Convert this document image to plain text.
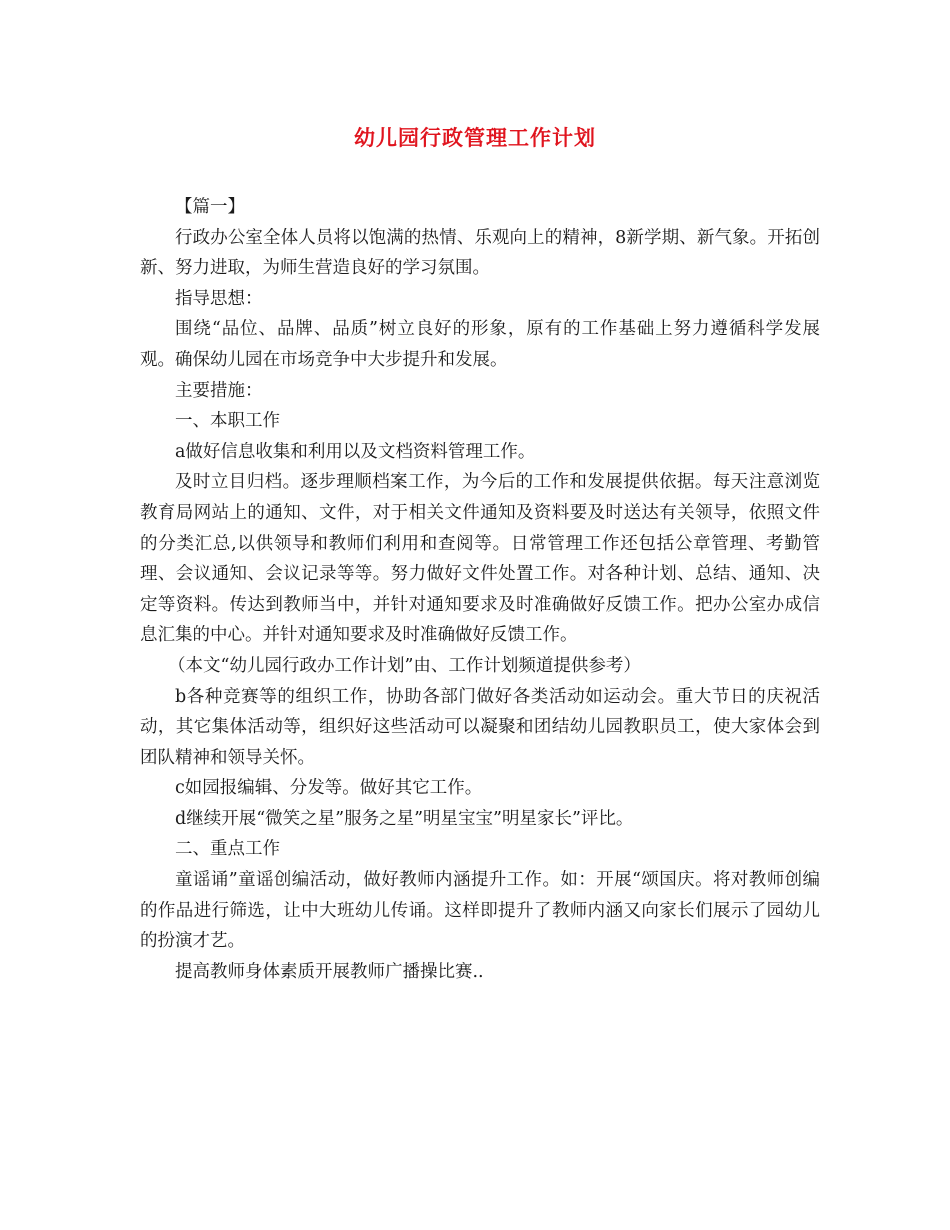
幼儿园行政管理工作计划

【篇一】

行政办公室全体人员将以饱满的热情、乐观向上的精神，8新学期、新气象。开拓创新、努力进取，为师生营造良好的学习氛围。

指导思想：

围绕“品位、品牌、品质”树立良好的形象，原有的工作基础上努力遵循科学发展观。确保幼儿园在市场竞争中大步提升和发展。

主要措施：

一、本职工作

a做好信息收集和利用以及文档资料管理工作。

及时立目归档。逐步理顺档案工作，为今后的工作和发展提供依据。每天注意浏览教育局网站上的通知、文件，对于相关文件通知及资料要及时送达有关领导，依照文件的分类汇总,以供领导和教师们利用和查阅等。日常管理工作还包括公章管理、考勤管理、会议通知、会议记录等等。努力做好文件处置工作。对各种计划、总结、通知、决定等资料。传达到教师当中，并针对通知要求及时准确做好反馈工作。把办公室办成信息汇集的中心。并针对通知要求及时准确做好反馈工作。

（本文“幼儿园行政办工作计划”由、工作计划频道提供参考）

b各种竞赛等的组织工作，协助各部门做好各类活动如运动会。重大节日的庆祝活动，其它集体活动等，组织好这些活动可以凝聚和团结幼儿园教职员工，使大家体会到团队精神和领导关怀。

c如园报编辑、分发等。做好其它工作。

d继续开展“微笑之星”服务之星”明星宝宝”明星家长”评比。

二、重点工作

童谣诵”童谣创编活动，做好教师内涵提升工作。如：开展“颂国庆。将对教师创编的作品进行筛选，让中大班幼儿传诵。这样即提升了教师内涵又向家长们展示了园幼儿的扮演才艺。

提高教师身体素质开展教师广播操比赛..
